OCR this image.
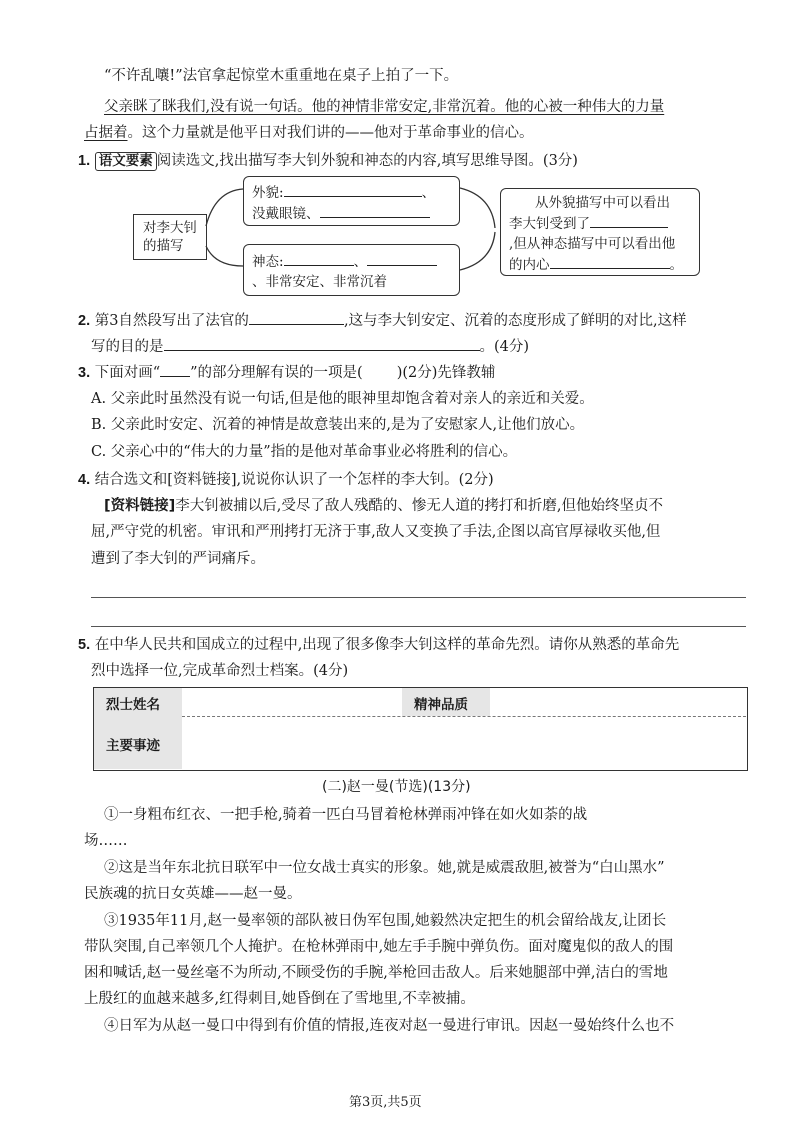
“不许乱嚷!”法官拿起惊堂木重重地在桌子上拍了一下。
父亲眯了眯我们,没有说一句话。他的神情非常安定,非常沉着。他的心被一种伟大的力量
占据着。这个力量就是他平日对我们讲的——他对于革命事业的信心。
1. 语文要素 阅读选文,找出描写李大钊外貌和神态的内容,填写思维导图。(3分)
对李大钊
的描写
外貌:	、
没戴眼镜、
神态:	、
、非常安定、非常沉着
从外貌描写中可以看出
李大钊受到了
,但从神态描写中可以看出他
的内心	。
2. 第3自然段写出了法官的	,这与李大钊安定、沉着的态度形成了鲜明的对比,这样
写的目的是	。(4分)
3. 下面对画“ ”的部分理解有误的一项是( )(2分)先锋教辅
A. 父亲此时虽然没有说一句话,但是他的眼神里却饱含着对亲人的亲近和关爱。
B. 父亲此时安定、沉着的神情是故意装出来的,是为了安慰家人,让他们放心。
C. 父亲心中的“伟大的力量”指的是他对革命事业必将胜利的信心。
4. 结合选文和[资料链接],说说你认识了一个怎样的李大钊。(2分)
[资料链接]李大钊被捕以后,受尽了敌人残酷的、惨无人道的拷打和折磨,但他始终坚贞不
屈,严守党的机密。审讯和严刑拷打无济于事,敌人又变换了手法,企图以高官厚禄收买他,但
遭到了李大钊的严词痛斥。
5. 在中华人民共和国成立的过程中,出现了很多像李大钊这样的革命先烈。请你从熟悉的革命先
烈中选择一位,完成革命烈士档案。(4分)
烈士姓名	精神品质
主要事迹
(二)赵一曼(节选)(13分)
①一身粗布红衣、一把手枪,骑着一匹白马冒着枪林弹雨冲锋在如火如荼的战
场……
②这是当年东北抗日联军中一位女战士真实的形象。她,就是威震敌胆,被誉为“白山黑水”
民族魂的抗日女英雄——赵一曼。
③1935年11月,赵一曼率领的部队被日伪军包围,她毅然决定把生的机会留给战友,让团长
带队突围,自己率领几个人掩护。在枪林弹雨中,她左手手腕中弹负伤。面对魔鬼似的敌人的围
困和喊话,赵一曼丝毫不为所动,不顾受伤的手腕,举枪回击敌人。后来她腿部中弹,洁白的雪地
上殷红的血越来越多,红得刺目,她昏倒在了雪地里,不幸被捕。
④日军为从赵一曼口中得到有价值的情报,连夜对赵一曼进行审讯。因赵一曼始终什么也不
第3页,共5页
